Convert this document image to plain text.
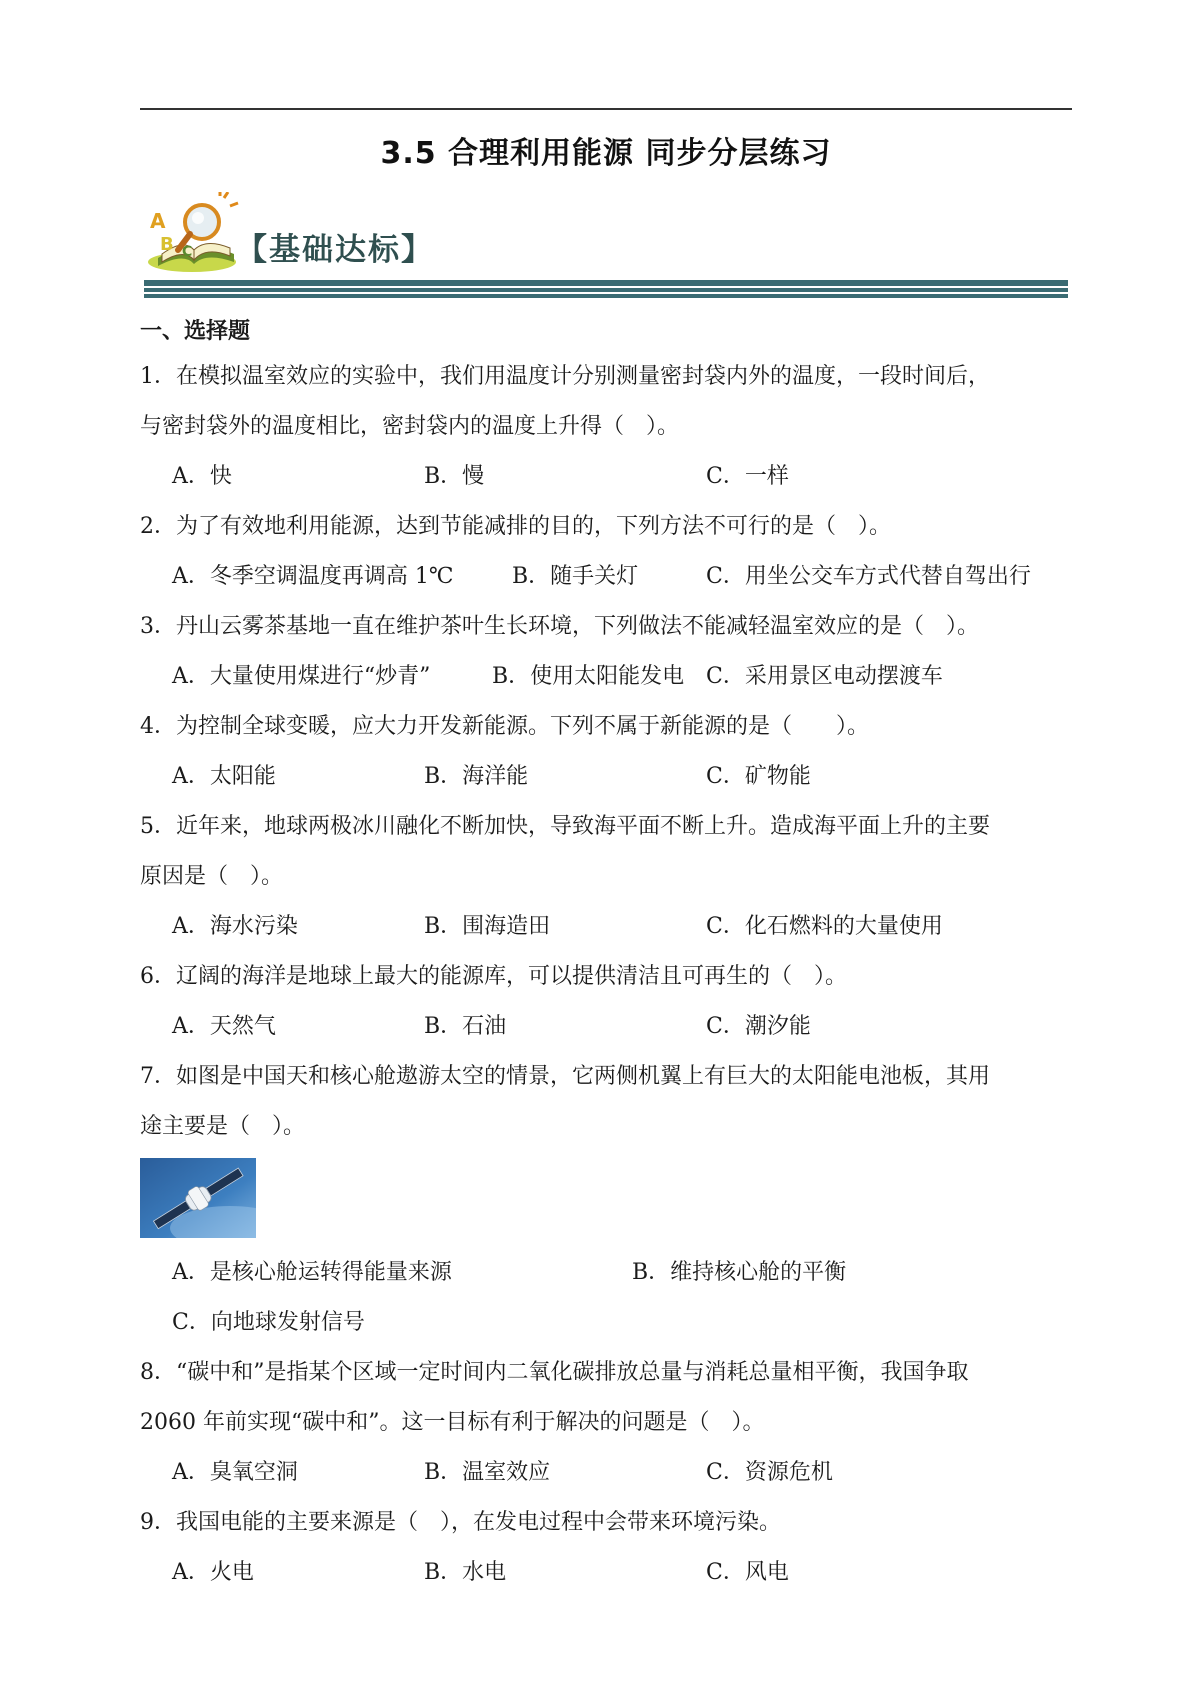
3.5 合理利用能源 同步分层练习
A
B C 【基础达标】
一、选择题

1．在模拟温室效应的实验中，我们用温度计分别测量密封袋内外的温度，一段时间后，

与密封袋外的温度相比，密封袋内的温度上升得（　）。

A．快	B．慢	C．一样

2．为了有效地利用能源，达到节能减排的目的，下列方法不可行的是（　）。

A．冬季空调温度再调高 1℃	B．随手关灯	C．用坐公交车方式代替自驾出行

3．丹山云雾茶基地一直在维护茶叶生长环境，下列做法不能减轻温室效应的是（　）。

A．大量使用煤进行“炒青”	B．使用太阳能发电 C．采用景区电动摆渡车

4．为控制全球变暖，应大力开发新能源。下列不属于新能源的是（　　）。

A．太阳能	B．海洋能	C．矿物能

5．近年来，地球两极冰川融化不断加快，导致海平面不断上升。造成海平面上升的主要

原因是（　）。

A．海水污染	B．围海造田	C．化石燃料的大量使用

6．辽阔的海洋是地球上最大的能源库，可以提供清洁且可再生的（　）。

A．天然气	B．石油	C．潮汐能

7．如图是中国天和核心舱遨游太空的情景，它两侧机翼上有巨大的太阳能电池板，其用

途主要是（　）。

A．是核心舱运转得能量来源	B．维持核心舱的平衡
C．向地球发射信号

8．“碳中和”是指某个区域一定时间内二氧化碳排放总量与消耗总量相平衡，我国争取

2060 年前实现“碳中和”。这一目标有利于解决的问题是（　）。

A．臭氧空洞	B．温室效应	C．资源危机

9．我国电能的主要来源是（　），在发电过程中会带来环境污染。

A．火电	B．水电	C．风电
